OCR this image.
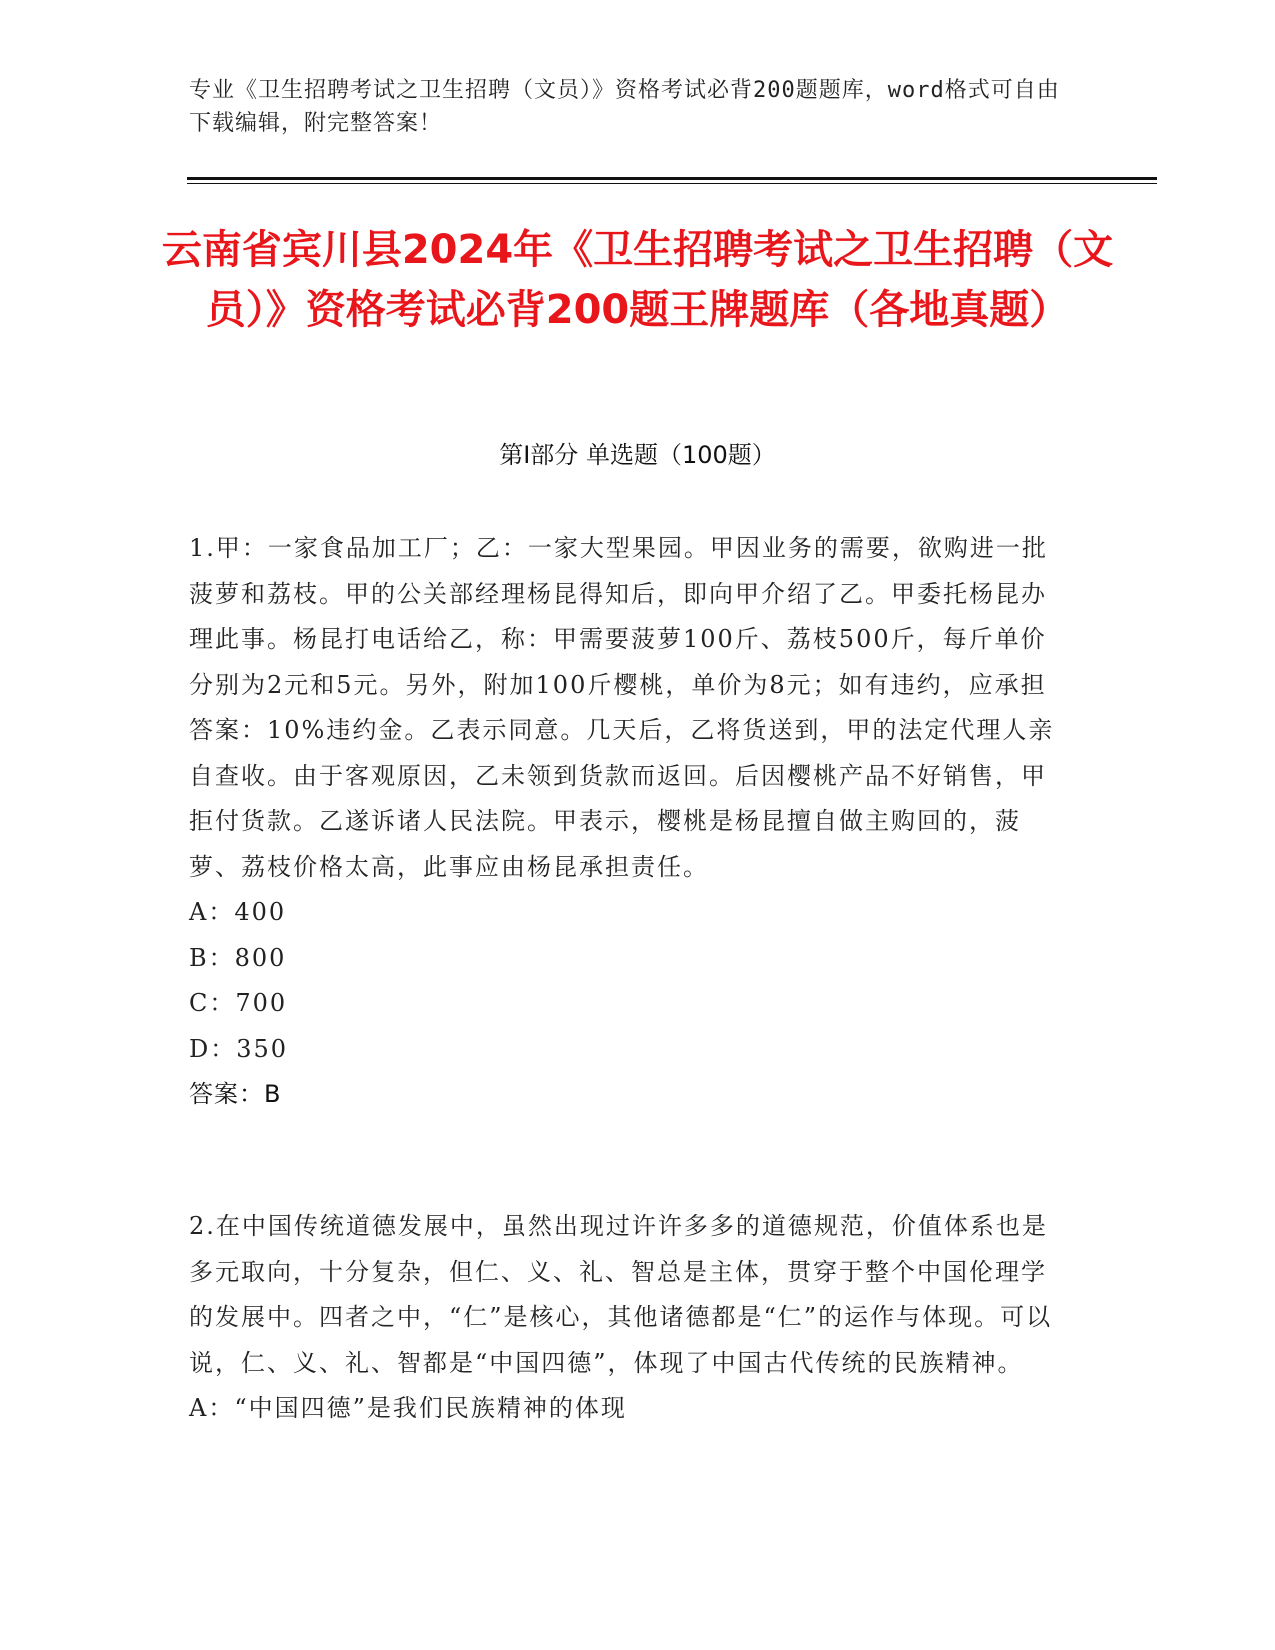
专业《卫生招聘考试之卫生招聘（文员）》资格考试必背200题题库，word格式可自由下载编辑，附完整答案！
云南省宾川县2024年《卫生招聘考试之卫生招聘（文员）》资格考试必背200题王牌题库（各地真题）
第Ⅰ部分 单选题（100题）

1.甲：一家食品加工厂；乙：一家大型果园。甲因业务的需要，欲购进一批菠萝和荔枝。甲的公关部经理杨昆得知后，即向甲介绍了乙。甲委托杨昆办理此事。杨昆打电话给乙，称：甲需要菠萝100斤、荔枝500斤，每斤单价分别为2元和5元。另外，附加100斤樱桃，单价为8元；如有违约，应承担答案：10%违约金。乙表示同意。几天后，乙将货送到，甲的法定代理人亲自查收。由于客观原因，乙未领到货款而返回。后因樱桃产品不好销售，甲拒付货款。乙遂诉诸人民法院。甲表示，樱桃是杨昆擅自做主购回的，菠萝、荔枝价格太高，此事应由杨昆承担责任。

A：400

B：800

C：700

D：350

答案：B

2.在中国传统道德发展中，虽然出现过许许多多的道德规范，价值体系也是多元取向，十分复杂，但仁、义、礼、智总是主体，贯穿于整个中国伦理学的发展中。四者之中，“仁”是核心，其他诸德都是“仁”的运作与体现。可以说，仁、义、礼、智都是“中国四德”，体现了中国古代传统的民族精神。

A：“中国四德”是我们民族精神的体现
